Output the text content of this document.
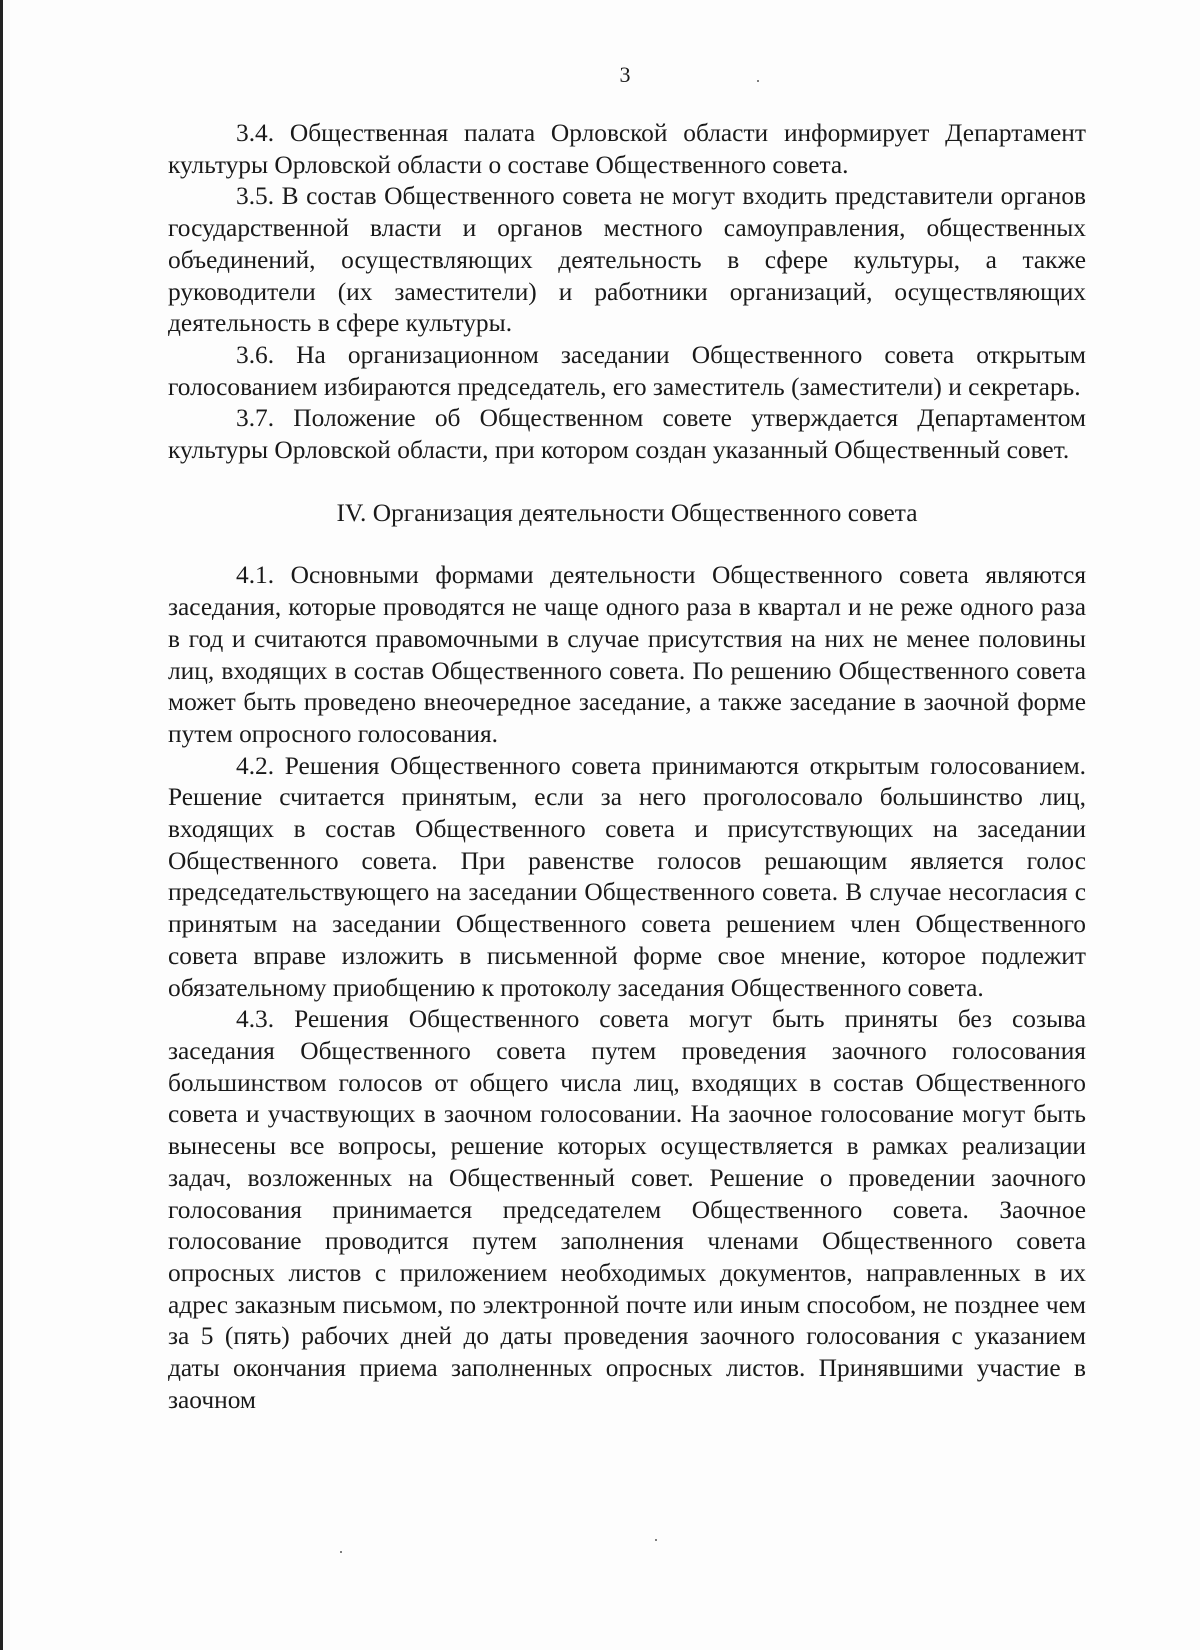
3

3.4. Общественная палата Орловской области информирует Департамент культуры Орловской области о составе Общественного совета.

3.5. В состав Общественного совета не могут входить представители органов государственной власти и органов местного самоуправления, общественных объединений, осуществляющих деятельность в сфере культуры, а также руководители (их заместители) и работники организаций, осуществляющих деятельность в сфере культуры.

3.6. На организационном заседании Общественного совета открытым голосованием избираются председатель, его заместитель (заместители) и секретарь.

3.7. Положение об Общественном совете утверждается Департаментом культуры Орловской области, при котором создан указанный Общественный совет.

IV. Организация деятельности Общественного совета

4.1. Основными формами деятельности Общественного совета являются заседания, которые проводятся не чаще одного раза в квартал и не реже одного раза в год и считаются правомочными в случае присутствия на них не менее половины лиц, входящих в состав Общественного совета. По решению Общественного совета может быть проведено внеочередное заседание, а также заседание в заочной форме путем опросного голосования.

4.2. Решения Общественного совета принимаются открытым голосованием. Решение считается принятым, если за него проголосовало большинство лиц, входящих в состав Общественного совета и присутствующих на заседании Общественного совета. При равенстве голосов решающим является голос председательствующего на заседании Общественного совета. В случае несогласия с принятым на заседании Общественного совета решением член Общественного совета вправе изложить в письменной форме свое мнение, которое подлежит обязательному приобщению к протоколу заседания Общественного совета.

4.3. Решения Общественного совета могут быть приняты без созыва заседания Общественного совета путем проведения заочного голосования большинством голосов от общего числа лиц, входящих в состав Общественного совета и участвующих в заочном голосовании. На заочное голосование могут быть вынесены все вопросы, решение которых осуществляется в рамках реализации задач, возложенных на Общественный совет. Решение о проведении заочного голосования принимается председателем Общественного совета. Заочное голосование проводится путем заполнения членами Общественного совета опросных листов с приложением необходимых документов, направленных в их адрес заказным письмом, по электронной почте или иным способом, не позднее чем за 5 (пять) рабочих дней до даты проведения заочного голосования с указанием даты окончания приема заполненных опросных листов. Принявшими участие в заочном
